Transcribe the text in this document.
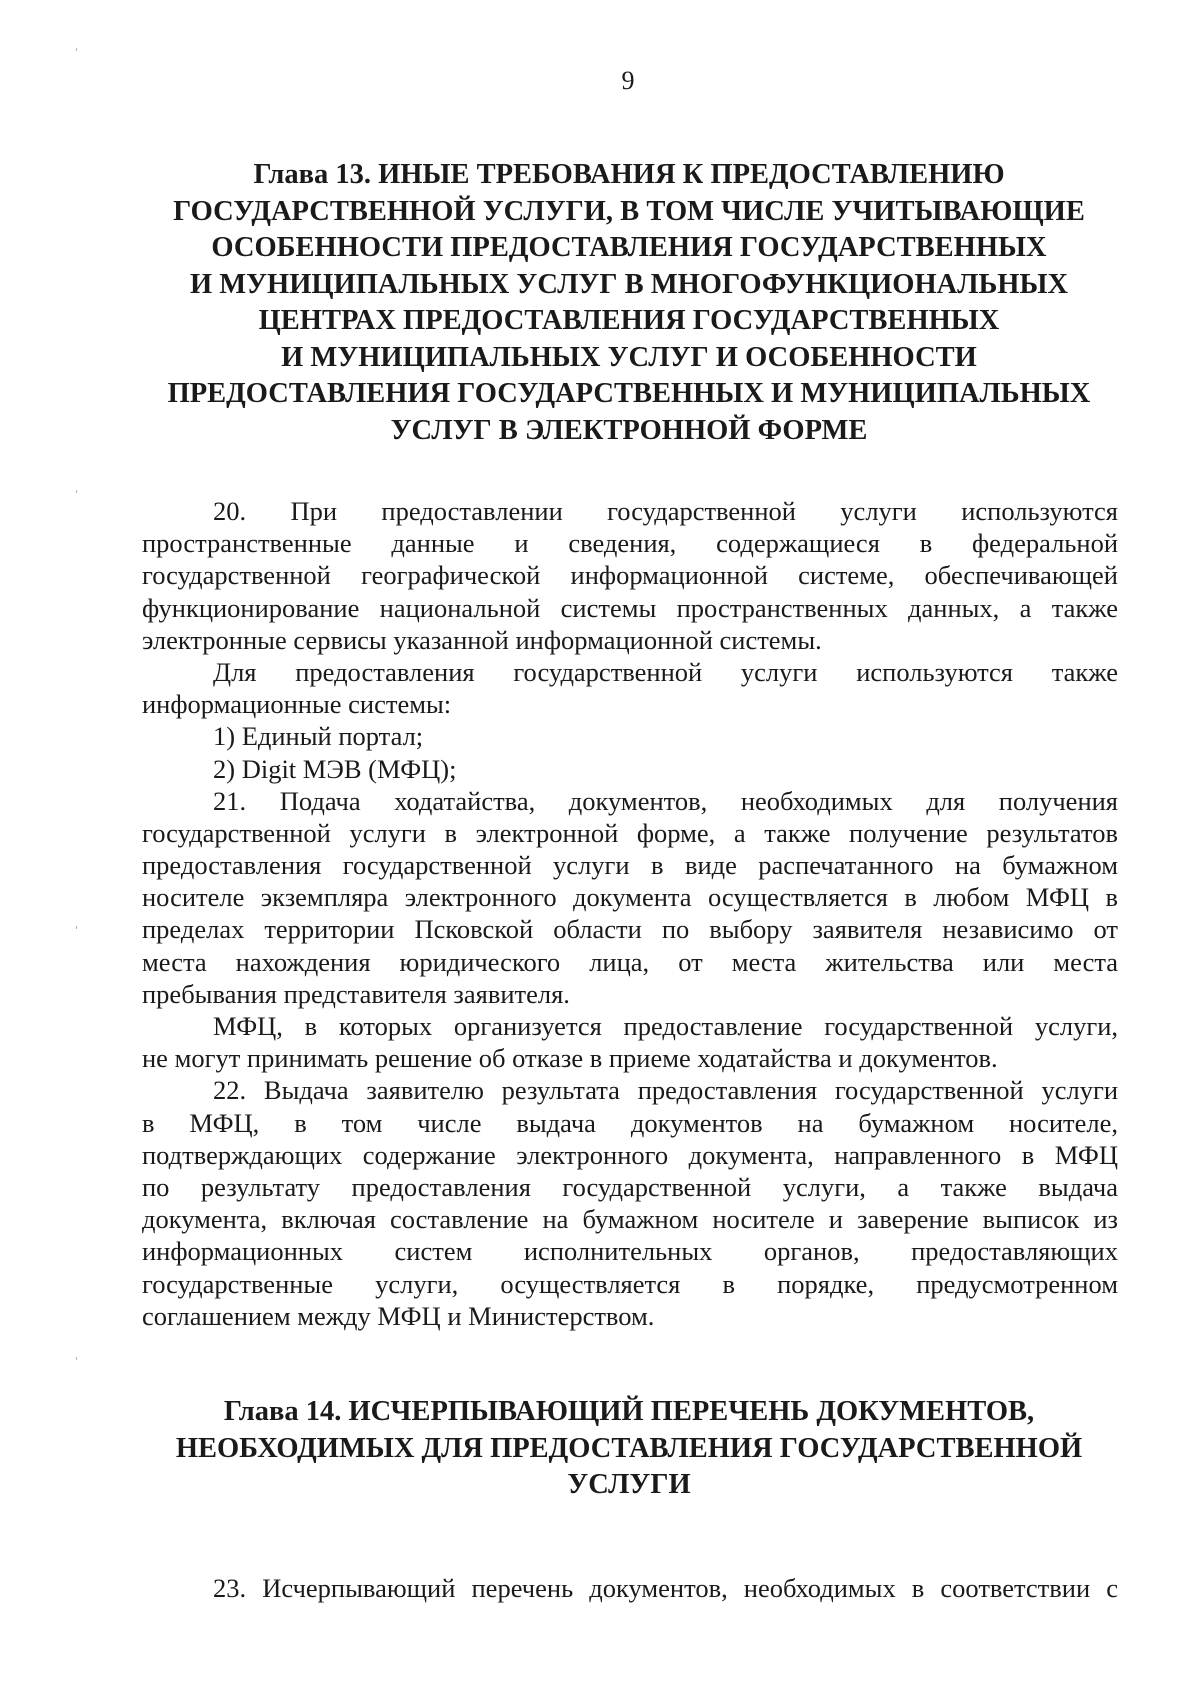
9
Глава 13. ИНЫЕ ТРЕБОВАНИЯ К ПРЕДОСТАВЛЕНИЮ
ГОСУДАРСТВЕННОЙ УСЛУГИ, В ТОМ ЧИСЛЕ УЧИТЫВАЮЩИЕ
ОСОБЕННОСТИ ПРЕДОСТАВЛЕНИЯ ГОСУДАРСТВЕННЫХ
И МУНИЦИПАЛЬНЫХ УСЛУГ В МНОГОФУНКЦИОНАЛЬНЫХ
ЦЕНТРАХ ПРЕДОСТАВЛЕНИЯ ГОСУДАРСТВЕННЫХ
И МУНИЦИПАЛЬНЫХ УСЛУГ И ОСОБЕННОСТИ
ПРЕДОСТАВЛЕНИЯ ГОСУДАРСТВЕННЫХ И МУНИЦИПАЛЬНЫХ
УСЛУГ В ЭЛЕКТРОННОЙ ФОРМЕ
20. При предоставлении государственной услуги используются
пространственные данные и сведения, содержащиеся в федеральной
государственной географической информационной системе, обеспечивающей
функционирование национальной системы пространственных данных, а также
электронные сервисы указанной информационной системы.
Для предоставления государственной услуги используются также
информационные системы:
1) Единый портал;
2) Digit МЭВ (МФЦ);
21. Подача ходатайства, документов, необходимых для получения
государственной услуги в электронной форме, а также получение результатов
предоставления государственной услуги в виде распечатанного на бумажном
носителе экземпляра электронного документа осуществляется в любом МФЦ в
пределах территории Псковской области по выбору заявителя независимо от
места нахождения юридического лица, от места жительства или места
пребывания представителя заявителя.
МФЦ, в которых организуется предоставление государственной услуги,
не могут принимать решение об отказе в приеме ходатайства и документов.
22. Выдача заявителю результата предоставления государственной услуги
в МФЦ, в том числе выдача документов на бумажном носителе,
подтверждающих содержание электронного документа, направленного в МФЦ
по результату предоставления государственной услуги, а также выдача
документа, включая составление на бумажном носителе и заверение выписок из
информационных систем исполнительных органов, предоставляющих
государственные услуги, осуществляется в порядке, предусмотренном
соглашением между МФЦ и Министерством.
Глава 14. ИСЧЕРПЫВАЮЩИЙ ПЕРЕЧЕНЬ ДОКУМЕНТОВ,
НЕОБХОДИМЫХ ДЛЯ ПРЕДОСТАВЛЕНИЯ ГОСУДАРСТВЕННОЙ
УСЛУГИ
23. Исчерпывающий перечень документов, необходимых в соответствии с
